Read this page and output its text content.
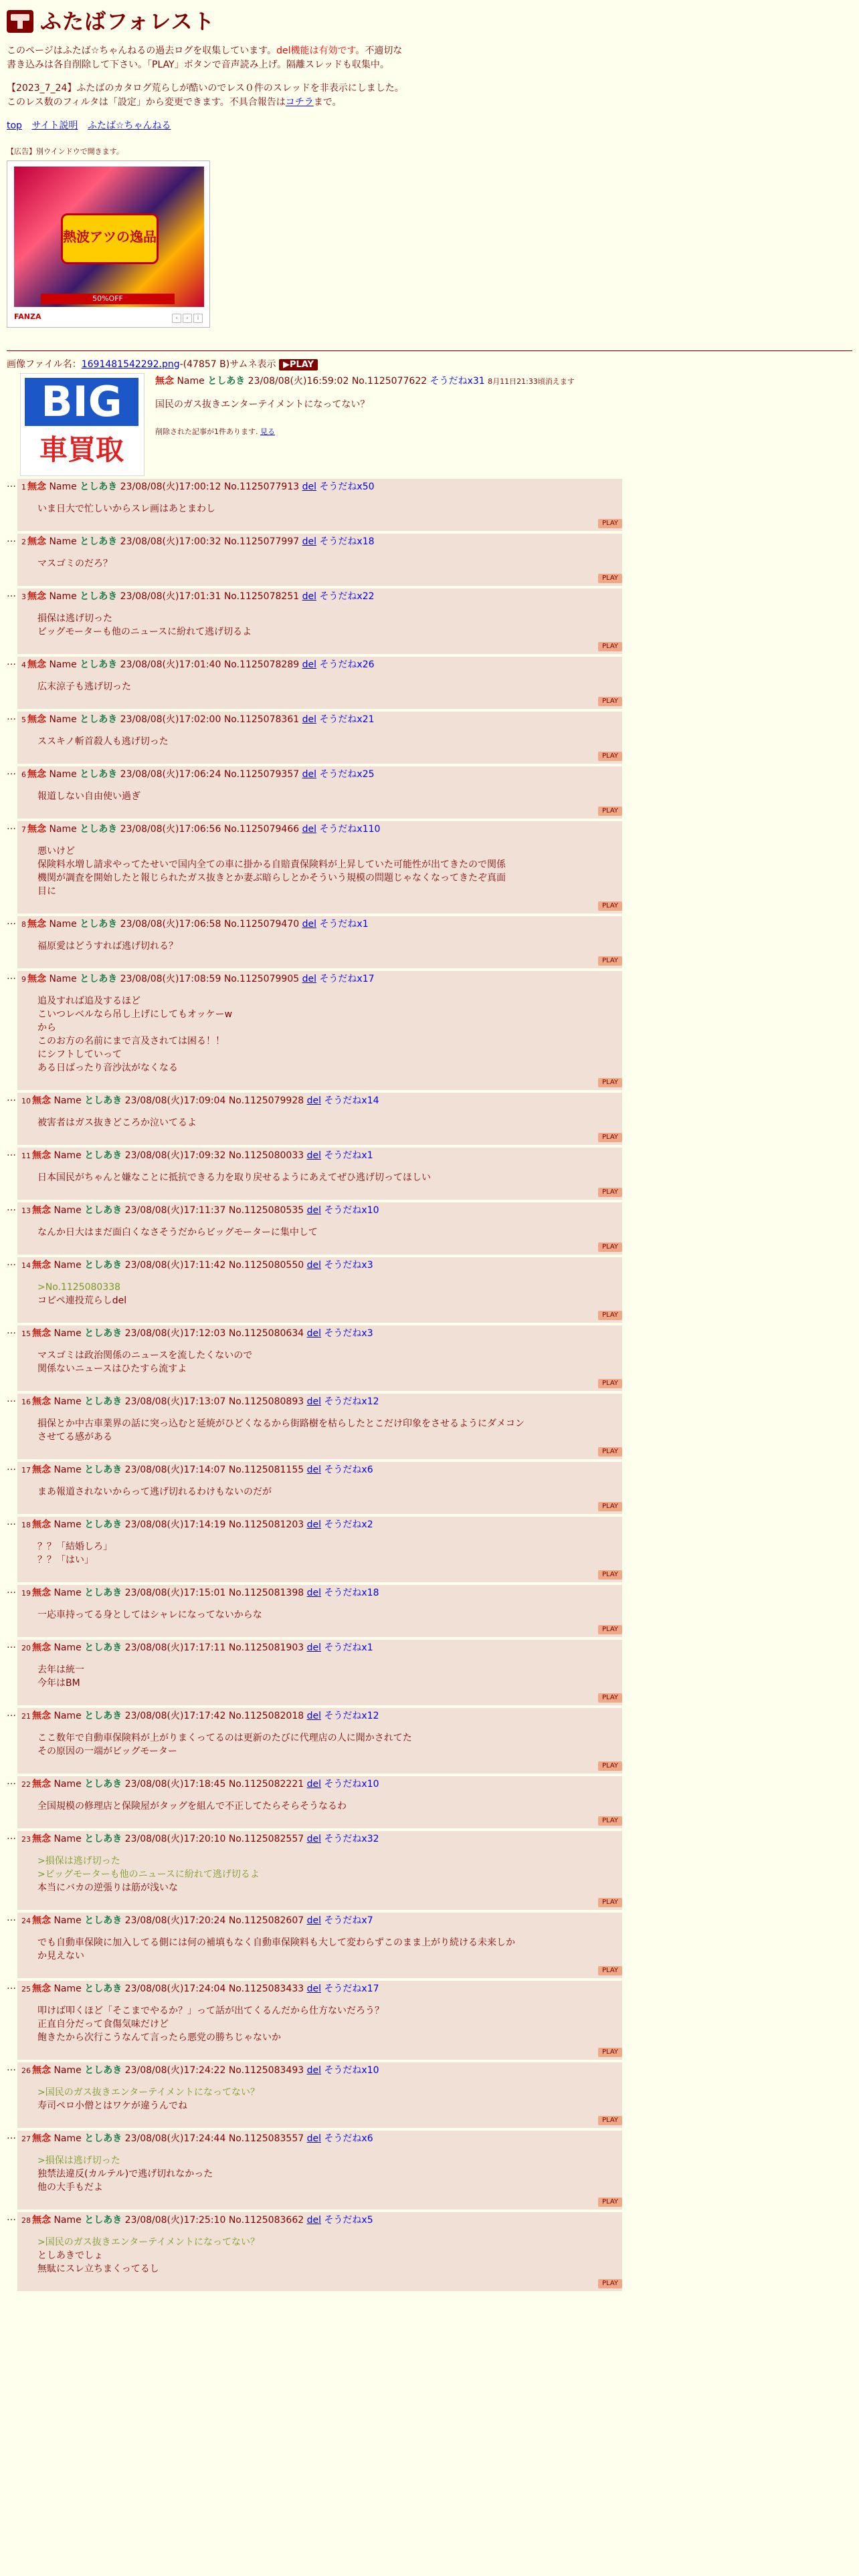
ふたばフォレスト

このページはふたば☆ちゃんねるの過去ログを収集しています。del機能は有効です。不適切な書き込みは各自削除して下さい。「PLAY」ボタンで音声読み上げ。隔離スレッドも収集中。

【2023_7_24】ふたばのカタログ荒らしが酷いのでレス０件のスレッドを非表示にしました。このレス数のフィルタは「設定」から変更できます。不具合報告はコチラまで。

top サイト説明 ふたば☆ちゃんねる
【広告】別ウインドウで開きます。
熱波アツの逸品
50%OFF
FANZA	‹	›	i
画像ファイル名：1691481542292.png-(47857 B)サムネ表示 ▶PLAY
BIG
車買取
無念 Name としあき 23/08/08(火)16:59:02 No.1125077622 そうだねx31 8月11日21:33頃消えます
国民のガス抜きエンターテイメントになってない？
削除された記事が1件あります. 見る
… 1 無念 Name としあき 23/08/08(火)17:00:12 No.1125077913 del そうだねx50
いま日大で忙しいからスレ画はあとまわし
PLAY
… 2 無念 Name としあき 23/08/08(火)17:00:32 No.1125077997 del そうだねx18
マスゴミのだろ？
PLAY
… 3 無念 Name としあき 23/08/08(火)17:01:31 No.1125078251 del そうだねx22
損保は逃げ切った
ビッグモーターも他のニュースに紛れて逃げ切るよ
PLAY
… 4 無念 Name としあき 23/08/08(火)17:01:40 No.1125078289 del そうだねx26
広末涼子も逃げ切った
PLAY
… 5 無念 Name としあき 23/08/08(火)17:02:00 No.1125078361 del そうだねx21
ススキノ斬首殺人も逃げ切った
PLAY
… 6 無念 Name としあき 23/08/08(火)17:06:24 No.1125079357 del そうだねx25
報道しない自由使い過ぎ
PLAY
… 7 無念 Name としあき 23/08/08(火)17:06:56 No.1125079466 del そうだねx110
悪いけど
保険料水増し請求やってたせいで国内全ての車に掛かる自賠責保険料が上昇していた可能性が出てきたので関係
機関が調査を開始したと報じられたガス抜きとか妻ぶ暗らしとかそういう規模の問題じゃなくなってきたぞ真面
目に
PLAY
… 8 無念 Name としあき 23/08/08(火)17:06:58 No.1125079470 del そうだねx1
福原愛はどうすれば逃げ切れる？
PLAY
… 9 無念 Name としあき 23/08/08(火)17:08:59 No.1125079905 del そうだねx17
追及すれば追及するほど
こいつレベルなら吊し上げにしてもオッケーw
から
このお方の名前にまで言及されては困る！！
にシフトしていって
ある日ばったり音沙汰がなくなる
PLAY
… 10 無念 Name としあき 23/08/08(火)17:09:04 No.1125079928 del そうだねx14
被害者はガス抜きどころか泣いてるよ
PLAY
… 11 無念 Name としあき 23/08/08(火)17:09:32 No.1125080033 del そうだねx1
日本国民がちゃんと嫌なことに抵抗できる力を取り戻せるようにあえてぜひ逃げ切ってほしい
PLAY
… 13 無念 Name としあき 23/08/08(火)17:11:37 No.1125080535 del そうだねx10
なんか日大はまだ面白くなさそうだからビッグモーターに集中して
PLAY
… 14 無念 Name としあき 23/08/08(火)17:11:42 No.1125080550 del そうだねx3
>No.1125080338
コピペ連投荒らしdel
PLAY
… 15 無念 Name としあき 23/08/08(火)17:12:03 No.1125080634 del そうだねx3
マスゴミは政治関係のニュースを流したくないので
関係ないニュースはひたすら流すよ
PLAY
… 16 無念 Name としあき 23/08/08(火)17:13:07 No.1125080893 del そうだねx12
損保とか中古車業界の話に突っ込むと延焼がひどくなるから街路樹を枯らしたとこだけ印象をさせるようにダメコン
させてる感がある
PLAY
… 17 無念 Name としあき 23/08/08(火)17:14:07 No.1125081155 del そうだねx6
まあ報道されないからって逃げ切れるわけもないのだが
PLAY
… 18 無念 Name としあき 23/08/08(火)17:14:19 No.1125081203 del そうだねx2
？？「結婚しろ」
？？「はい」
PLAY
… 19 無念 Name としあき 23/08/08(火)17:15:01 No.1125081398 del そうだねx18
一応車持ってる身としてはシャレになってないからな
PLAY
… 20 無念 Name としあき 23/08/08(火)17:17:11 No.1125081903 del そうだねx1
去年は統一
今年はBM
PLAY
… 21 無念 Name としあき 23/08/08(火)17:17:42 No.1125082018 del そうだねx12
ここ数年で自動車保険料が上がりまくってるのは更新のたびに代理店の人に聞かされてた
その原因の一端がビッグモーター
PLAY
… 22 無念 Name としあき 23/08/08(火)17:18:45 No.1125082221 del そうだねx10
全国規模の修理店と保険屋がタッグを組んで不正してたらそらそうなるわ
PLAY
… 23 無念 Name としあき 23/08/08(火)17:20:10 No.1125082557 del そうだねx32
>損保は逃げ切った
>ビッグモーターも他のニュースに紛れて逃げ切るよ
本当にバカの逆張りは筋が浅いな
PLAY
… 24 無念 Name としあき 23/08/08(火)17:20:24 No.1125082607 del そうだねx7
でも自動車保険に加入してる側には何の補填もなく自動車保険料も大して変わらずこのまま上がり続ける未来しか
か見えない
PLAY
… 25 無念 Name としあき 23/08/08(火)17:24:04 No.1125083433 del そうだねx17
叩けば叩くほど「そこまでやるか？」って話が出てくるんだから仕方ないだろう？
正直自分だって食傷気味だけど
飽きたから次行こうなんて言ったら悪党の勝ちじゃないか
PLAY
… 26 無念 Name としあき 23/08/08(火)17:24:22 No.1125083493 del そうだねx10
>国民のガス抜きエンターテイメントになってない？
寿司ペロ小僧とはワケが違うんでね
PLAY
… 27 無念 Name としあき 23/08/08(火)17:24:44 No.1125083557 del そうだねx6
>損保は逃げ切った
独禁法違反(カルテル)で逃げ切れなかった
他の大手もだよ
PLAY
… 28 無念 Name としあき 23/08/08(火)17:25:10 No.1125083662 del そうだねx5
>国民のガス抜きエンターテイメントになってない？
としあきでしょ
無駄にスレ立ちまくってるし
PLAY
